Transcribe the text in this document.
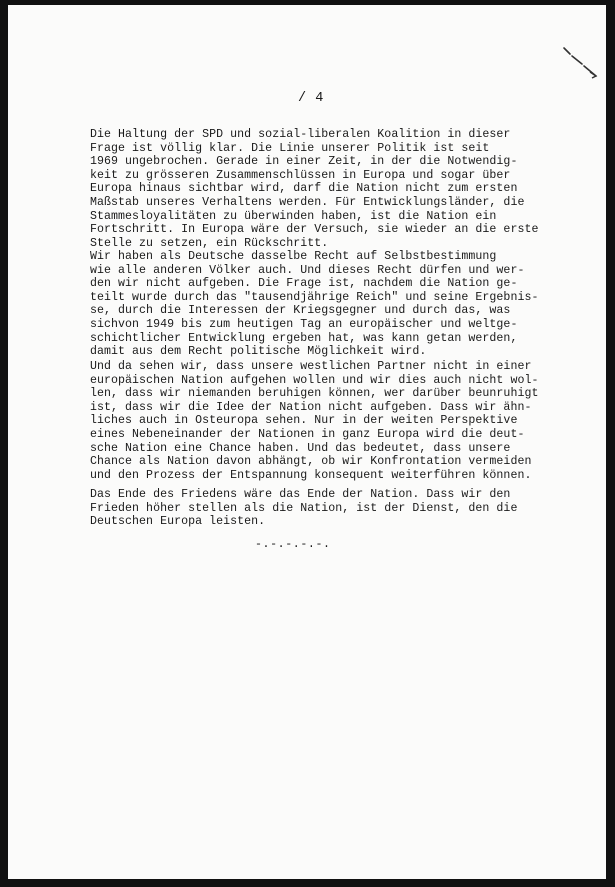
/ 4
Die Haltung der SPD und sozial-liberalen Koalition in dieser
Frage ist völlig klar. Die Linie unserer Politik ist seit
1969 ungebrochen. Gerade in einer Zeit, in der die Notwendig-
keit zu grösseren Zusammenschlüssen in Europa und sogar über
Europa hinaus sichtbar wird, darf die Nation nicht zum ersten
Maßstab unseres Verhaltens werden. Für Entwicklungsländer, die
Stammesloyalitäten zu überwinden haben, ist die Nation ein
Fortschritt. In Europa wäre der Versuch, sie wieder an die erste
Stelle zu setzen, ein Rückschritt.
Wir haben als Deutsche dasselbe Recht auf Selbstbestimmung
wie alle anderen Völker auch. Und dieses Recht dürfen und wer-
den wir nicht aufgeben. Die Frage ist, nachdem die Nation ge-
teilt wurde durch das "tausendjährige Reich" und seine Ergebnis-
se, durch die Interessen der Kriegsgegner und durch das, was
sichvon 1949 bis zum heutigen Tag an europäischer und weltge-
schichtlicher Entwicklung ergeben hat, was kann getan werden,
damit aus dem Recht politische Möglichkeit wird.
Und da sehen wir, dass unsere westlichen Partner nicht in einer
europäischen Nation aufgehen wollen und wir dies auch nicht wol-
len, dass wir niemanden beruhigen können, wer darüber beunruhigt
ist, dass wir die Idee der Nation nicht aufgeben. Dass wir ähn-
liches auch in Osteuropa sehen. Nur in der weiten Perspektive
eines Nebeneinander der Nationen in ganz Europa wird die deut-
sche Nation eine Chance haben. Und das bedeutet, dass unsere
Chance als Nation davon abhängt, ob wir Konfrontation vermeiden
und den Prozess der Entspannung konsequent weiterführen können.
Das Ende des Friedens wäre das Ende der Nation. Dass wir den
Frieden höher stellen als die Nation, ist der Dienst, den die
Deutschen Europa leisten.
-.-.-.-.-.
